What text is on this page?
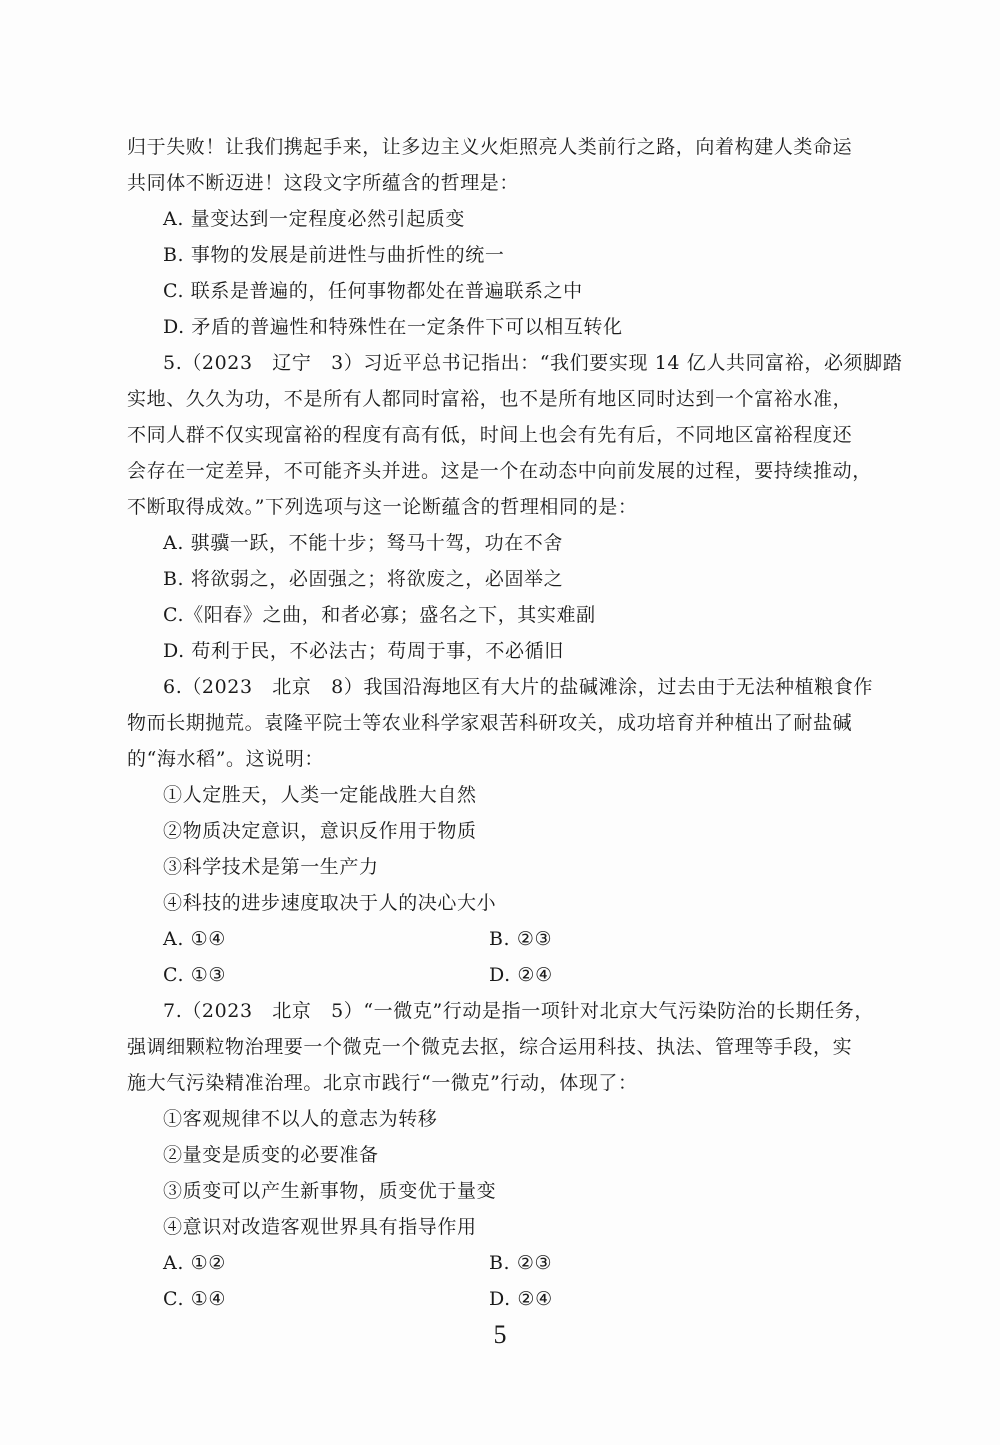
归于失败！让我们携起手来，让多边主义火炬照亮人类前行之路，向着构建人类命运
共同体不断迈进！这段文字所蕴含的哲理是：
A. 量变达到一定程度必然引起质变
B. 事物的发展是前进性与曲折性的统一
C. 联系是普遍的，任何事物都处在普遍联系之中
D. 矛盾的普遍性和特殊性在一定条件下可以相互转化
5.（2023　辽宁　3）习近平总书记指出：“我们要实现 14 亿人共同富裕，必须脚踏
实地、久久为功，不是所有人都同时富裕，也不是所有地区同时达到一个富裕水准，
不同人群不仅实现富裕的程度有高有低，时间上也会有先有后，不同地区富裕程度还
会存在一定差异，不可能齐头并进。这是一个在动态中向前发展的过程，要持续推动，
不断取得成效。”下列选项与这一论断蕴含的哲理相同的是：
A. 骐骥一跃，不能十步；驽马十驾，功在不舍
B. 将欲弱之，必固强之；将欲废之，必固举之
C.《阳春》之曲，和者必寡；盛名之下，其实难副
D. 苟利于民，不必法古；苟周于事，不必循旧
6.（2023　北京　8）我国沿海地区有大片的盐碱滩涂，过去由于无法种植粮食作
物而长期抛荒。袁隆平院士等农业科学家艰苦科研攻关，成功培育并种植出了耐盐碱
的“海水稻”。这说明：
①人定胜天，人类一定能战胜大自然
②物质决定意识，意识反作用于物质
③科学技术是第一生产力
④科技的进步速度取决于人的决心大小
A. ①④	B. ②③
C. ①③	D. ②④
7.（2023　北京　5）“一微克”行动是指一项针对北京大气污染防治的长期任务，
强调细颗粒物治理要一个微克一个微克去抠，综合运用科技、执法、管理等手段，实
施大气污染精准治理。北京市践行“一微克”行动，体现了：
①客观规律不以人的意志为转移
②量变是质变的必要准备
③质变可以产生新事物，质变优于量变
④意识对改造客观世界具有指导作用
A. ①②	B. ②③
C. ①④	D. ②④
5
